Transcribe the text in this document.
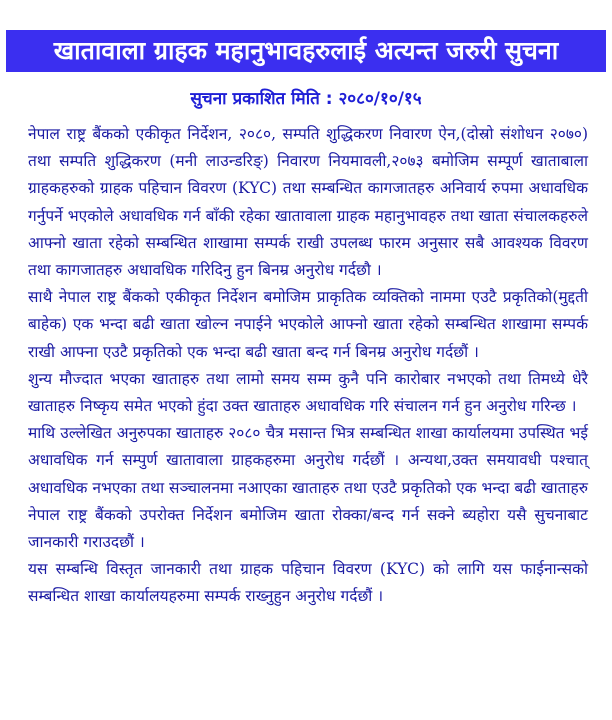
खातावाला ग्राहक महानुभावहरुलाई अत्यन्त जरुरी सुचना
सुचना प्रकाशित मिति : २०८०/१०/१५

नेपाल राष्ट्र बैंकको एकीकृत निर्देशन, २०८०, सम्पति शुद्धिकरण निवारण ऐन,(दोस्रो संशोधन २०७०) तथा सम्पति शुद्धिकरण (मनी लाउन्डरिङ्) निवारण नियमावली,२०७३ बमोजिम सम्पूर्ण खाताबाला ग्राहकहरुको ग्राहक पहिचान विवरण (KYC) तथा सम्बन्धित कागजातहरु अनिवार्य रुपमा अधावधिक गर्नुपर्ने भएकोले अधावधिक गर्न बाँकी रहेका खातावाला ग्राहक महानुभावहरु तथा खाता संचालकहरुले आफ्नो खाता रहेको सम्बन्धित शाखामा सम्पर्क राखी उपलब्ध फारम अनुसार सबै आवश्यक विवरण तथा कागजातहरु अधावधिक गरिदिनु हुन बिनम्र अनुरोध गर्दछौ ।

साथै नेपाल राष्ट्र बैंकको एकीकृत निर्देशन बमोजिम प्राकृतिक व्यक्तिको नाममा एउटै प्रकृतिको(मुद्दती बाहेक) एक भन्दा बढी खाता खोल्न नपाईने भएकोले आफ्नो खाता रहेको सम्बन्धित शाखामा सम्पर्क राखी आफ्ना एउटै प्रकृतिको एक भन्दा बढी खाता बन्द गर्न बिनम्र अनुरोध गर्दछौं ।

शुन्य मौज्दात भएका खाताहरु तथा लामो समय सम्म कुनै पनि कारोबार नभएको तथा तिमध्ये धेरै खाताहरु निष्कृय समेत भएको हुंदा उक्त खाताहरु अधावधिक गरि संचालन गर्न हुन अनुरोध गरिन्छ ।

माथि उल्लेखित अनुरुपका खाताहरु २०८० चैत्र मसान्त भित्र सम्बन्धित शाखा कार्यालयमा उपस्थित भई अधावधिक गर्न सम्पुर्ण खातावाला ग्राहकहरुमा अनुरोध गर्दछौं । अन्यथा,उक्त समयावधी पश्चात् अधावधिक नभएका तथा सञ्चालनमा नआएका खाताहरु तथा एउटै प्रकृतिको एक भन्दा बढी खाताहरु नेपाल राष्ट्र बैंकको उपरोक्त निर्देशन बमोजिम खाता रोक्का/बन्द गर्न सक्ने ब्यहोरा यसै सुचनाबाट जानकारी गराउदछौं ।

यस सम्बन्धि विस्तृत जानकारी तथा ग्राहक पहिचान विवरण (KYC) को लागि यस फाईनान्सको सम्बन्धित शाखा कार्यालयहरुमा सम्पर्क राख्नुहुन अनुरोध गर्दछौं ।
